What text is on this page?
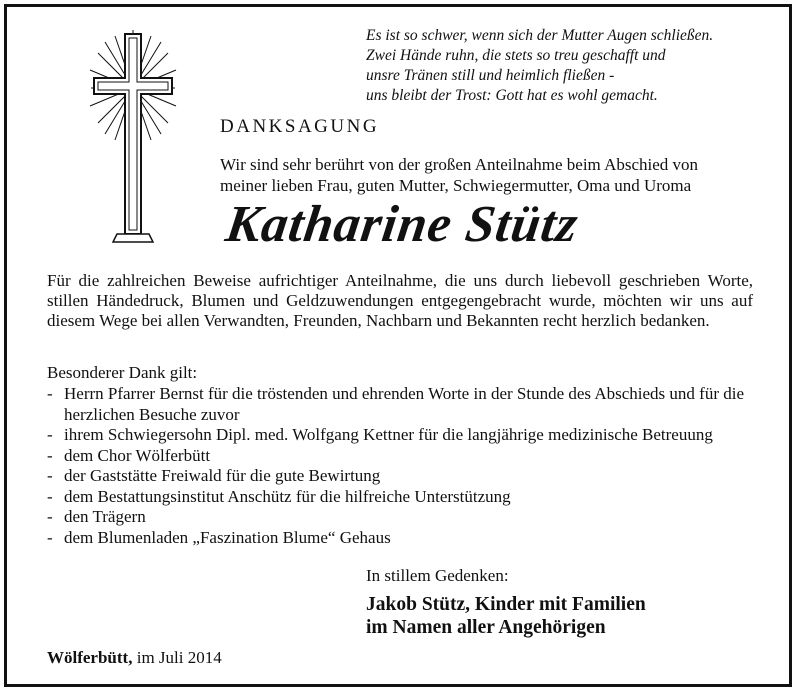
Es ist so schwer, wenn sich der Mutter Augen schließen.
Zwei Hände ruhn, die stets so treu geschafft und
unsre Tränen still und heimlich fließen -
uns bleibt der Trost: Gott hat es wohl gemacht.
DANKSAGUNG
Wir sind sehr berührt von der großen Anteilnahme beim Abschied von
meiner lieben Frau, guten Mutter, Schwiegermutter, Oma und Uroma
Katharine Stütz
Für die zahlreichen Beweise aufrichtiger Anteilnahme, die uns durch liebevoll geschrieben Worte, stillen Händedruck, Blumen und Geldzuwendungen entgegengebracht wurde, möchten wir uns auf diesem Wege bei allen Verwandten, Freunden, Nachbarn und Bekannten recht herzlich bedanken.
Besonderer Dank gilt:
- Herrn Pfarrer Bernst für die tröstenden und ehrenden Worte in der Stunde des Abschieds und für die herzlichen Besuche zuvor
- ihrem Schwiegersohn Dipl. med. Wolfgang Kettner für die langjährige medizinische Betreuung
- dem Chor Wölferbütt
- der Gaststätte Freiwald für die gute Bewirtung
- dem Bestattungsinstitut Anschütz für die hilfreiche Unterstützung
- den Trägern
- dem Blumenladen „Faszination Blume“ Gehaus
In stillem Gedenken:
Jakob Stütz, Kinder mit Familien
im Namen aller Angehörigen
Wölferbütt, im Juli 2014
